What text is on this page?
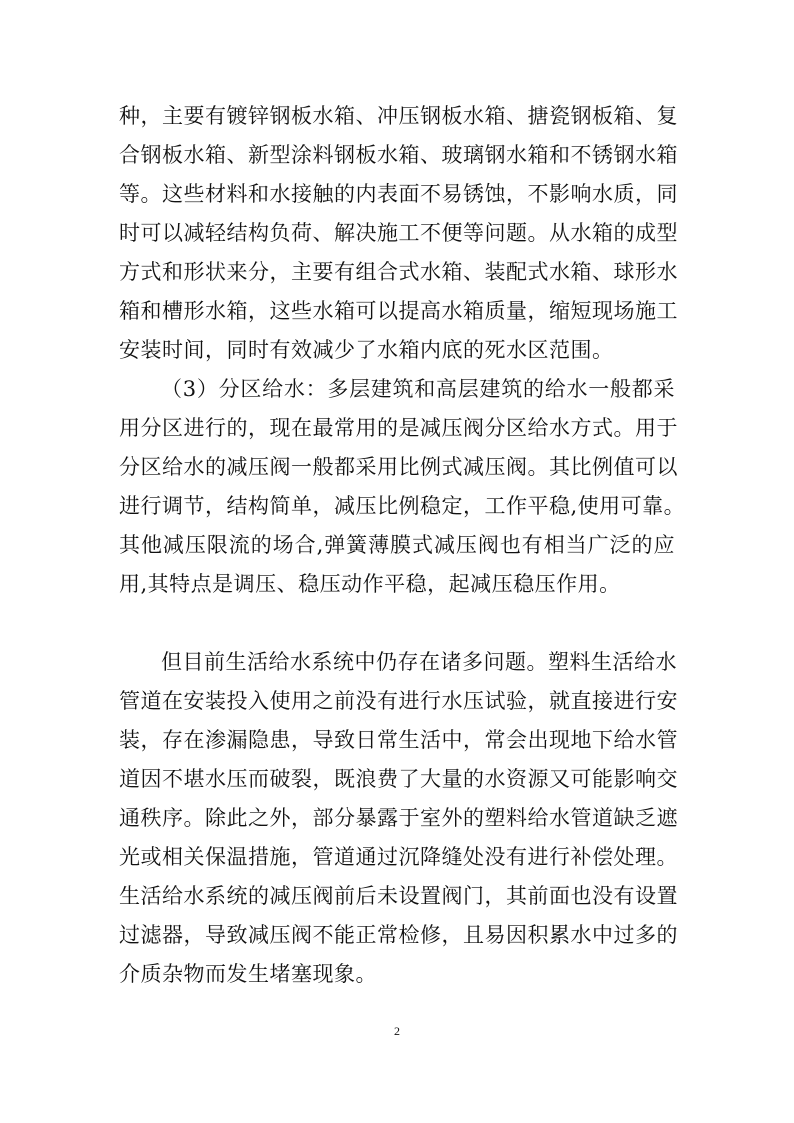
种，主要有镀锌钢板水箱、冲压钢板水箱、搪瓷钢板箱、复
合钢板水箱、新型涂料钢板水箱、玻璃钢水箱和不锈钢水箱
等。这些材料和水接触的内表面不易锈蚀，不影响水质，同
时可以减轻结构负荷、解决施工不便等问题。从水箱的成型
方式和形状来分，主要有组合式水箱、装配式水箱、球形水
箱和槽形水箱，这些水箱可以提高水箱质量，缩短现场施工
安装时间，同时有效减少了水箱内底的死水区范围。
（3）分区给水：多层建筑和高层建筑的给水一般都采
用分区进行的，现在最常用的是减压阀分区给水方式。用于
分区给水的减压阀一般都采用比例式减压阀。其比例值可以
进行调节，结构简单，减压比例稳定，工作平稳,使用可靠。
其他减压限流的场合,弹簧薄膜式减压阀也有相当广泛的应
用,其特点是调压、稳压动作平稳，起减压稳压作用。
但目前生活给水系统中仍存在诸多问题。塑料生活给水
管道在安装投入使用之前没有进行水压试验，就直接进行安
装，存在渗漏隐患，导致日常生活中，常会出现地下给水管
道因不堪水压而破裂，既浪费了大量的水资源又可能影响交
通秩序。除此之外，部分暴露于室外的塑料给水管道缺乏遮
光或相关保温措施，管道通过沉降缝处没有进行补偿处理。
生活给水系统的减压阀前后未设置阀门，其前面也没有设置
过滤器，导致减压阀不能正常检修，且易因积累水中过多的
介质杂物而发生堵塞现象。
2
